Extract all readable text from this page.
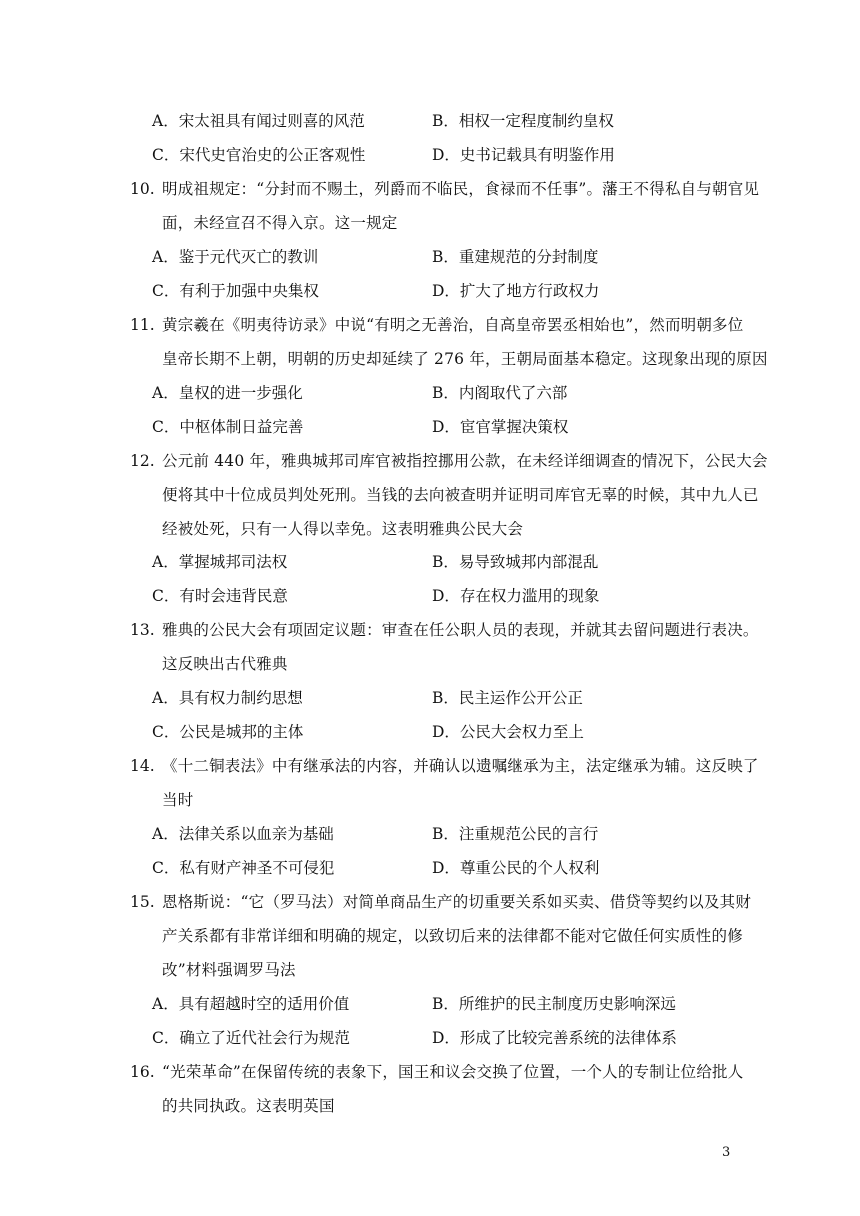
A．宋太祖具有闻过则喜的风范	B．相权一定程度制约皇权
C．宋代史官治史的公正客观性	D．史书记载具有明鉴作用
10. 明成祖规定：“分封而不赐土，列爵而不临民，食禄而不任事”。藩王不得私自与朝官见
面，未经宣召不得入京。这一规定
A．鉴于元代灭亡的教训	B．重建规范的分封制度
C．有利于加强中央集权	D．扩大了地方行政权力
11. 黄宗羲在《明夷待访录》中说“有明之无善治，自高皇帝罢丞相始也”，然而明朝多位
皇帝长期不上朝，明朝的历史却延续了 276 年，王朝局面基本稳定。这现象出现的原因
A．皇权的进一步强化	B．内阁取代了六部
C．中枢体制日益完善	D．宦官掌握决策权
12. 公元前 440 年，雅典城邦司库官被指控挪用公款，在未经详细调查的情况下，公民大会
便将其中十位成员判处死刑。当钱的去向被查明并证明司库官无辜的时候，其中九人已
经被处死，只有一人得以幸免。这表明雅典公民大会
A．掌握城邦司法权	B．易导致城邦内部混乱
C．有时会违背民意	D．存在权力滥用的现象
13. 雅典的公民大会有项固定议题：审查在任公职人员的表现，并就其去留问题进行表决。
这反映出古代雅典
A．具有权力制约思想	B．民主运作公开公正
C．公民是城邦的主体	D．公民大会权力至上
14. 《十二铜表法》中有继承法的内容，并确认以遗嘱继承为主，法定继承为辅。这反映了
当时
A．法律关系以血亲为基础	B．注重规范公民的言行
C．私有财产神圣不可侵犯	D．尊重公民的个人权利
15. 恩格斯说：“它（罗马法）对简单商品生产的切重要关系如买卖、借贷等契约以及其财
产关系都有非常详细和明确的规定，以致切后来的法律都不能对它做任何实质性的修
改”材料强调罗马法
A．具有超越时空的适用价值	B．所维护的民主制度历史影响深远
C．确立了近代社会行为规范	D．形成了比较完善系统的法律体系
16. “光荣革命”在保留传统的表象下，国王和议会交换了位置，一个人的专制让位给批人
的共同执政。这表明英国
3
